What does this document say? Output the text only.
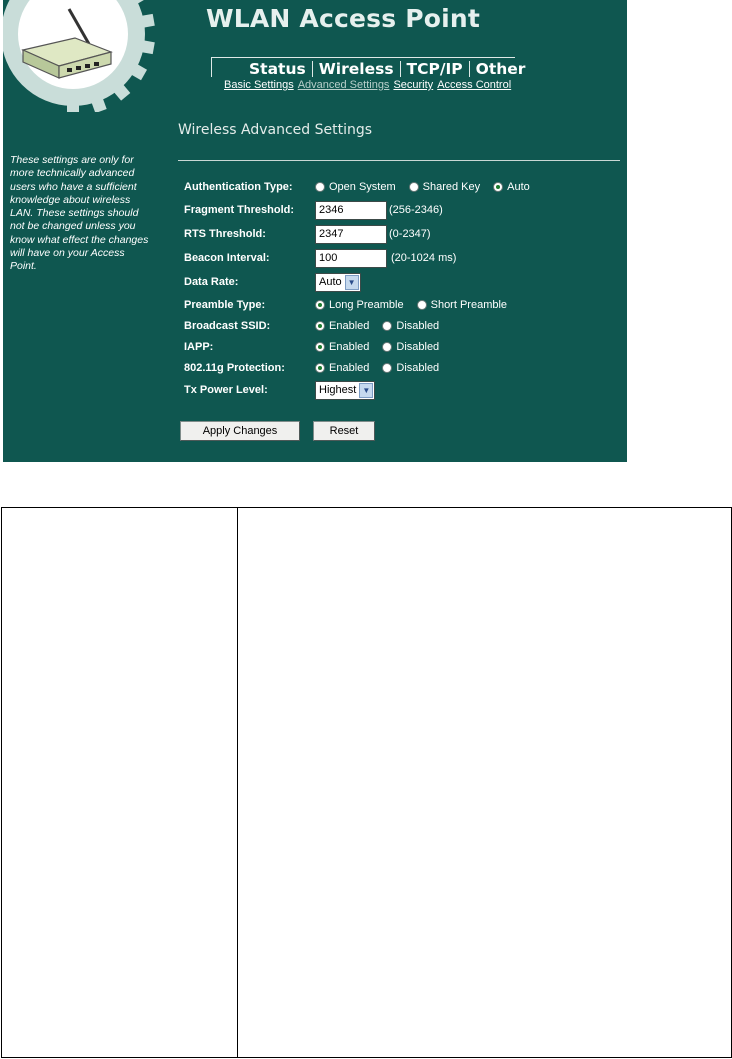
WLAN Access Point
Status Wireless TCP/IP Other
Basic Settings Advanced Settings Security Access Control
Wireless Advanced Settings
These settings are only for more technically advanced users who have a sufficient knowledge about wireless LAN. These settings should not be changed unless you know what effect the changes will have on your Access Point.
Authentication Type:	Open System Shared Key Auto
Fragment Threshold:
2346	(256-2346)
RTS Threshold:
2347	(0-2347)
Beacon Interval:
100	(20-1024 ms)
Data Rate:	Auto ▼
Preamble Type:	Long Preamble Short Preamble
Broadcast SSID:	Enabled Disabled
IAPP:	Enabled Disabled
802.11g Protection:	Enabled Disabled
Tx Power Level:	Highest ▼
Apply Changes	Reset
